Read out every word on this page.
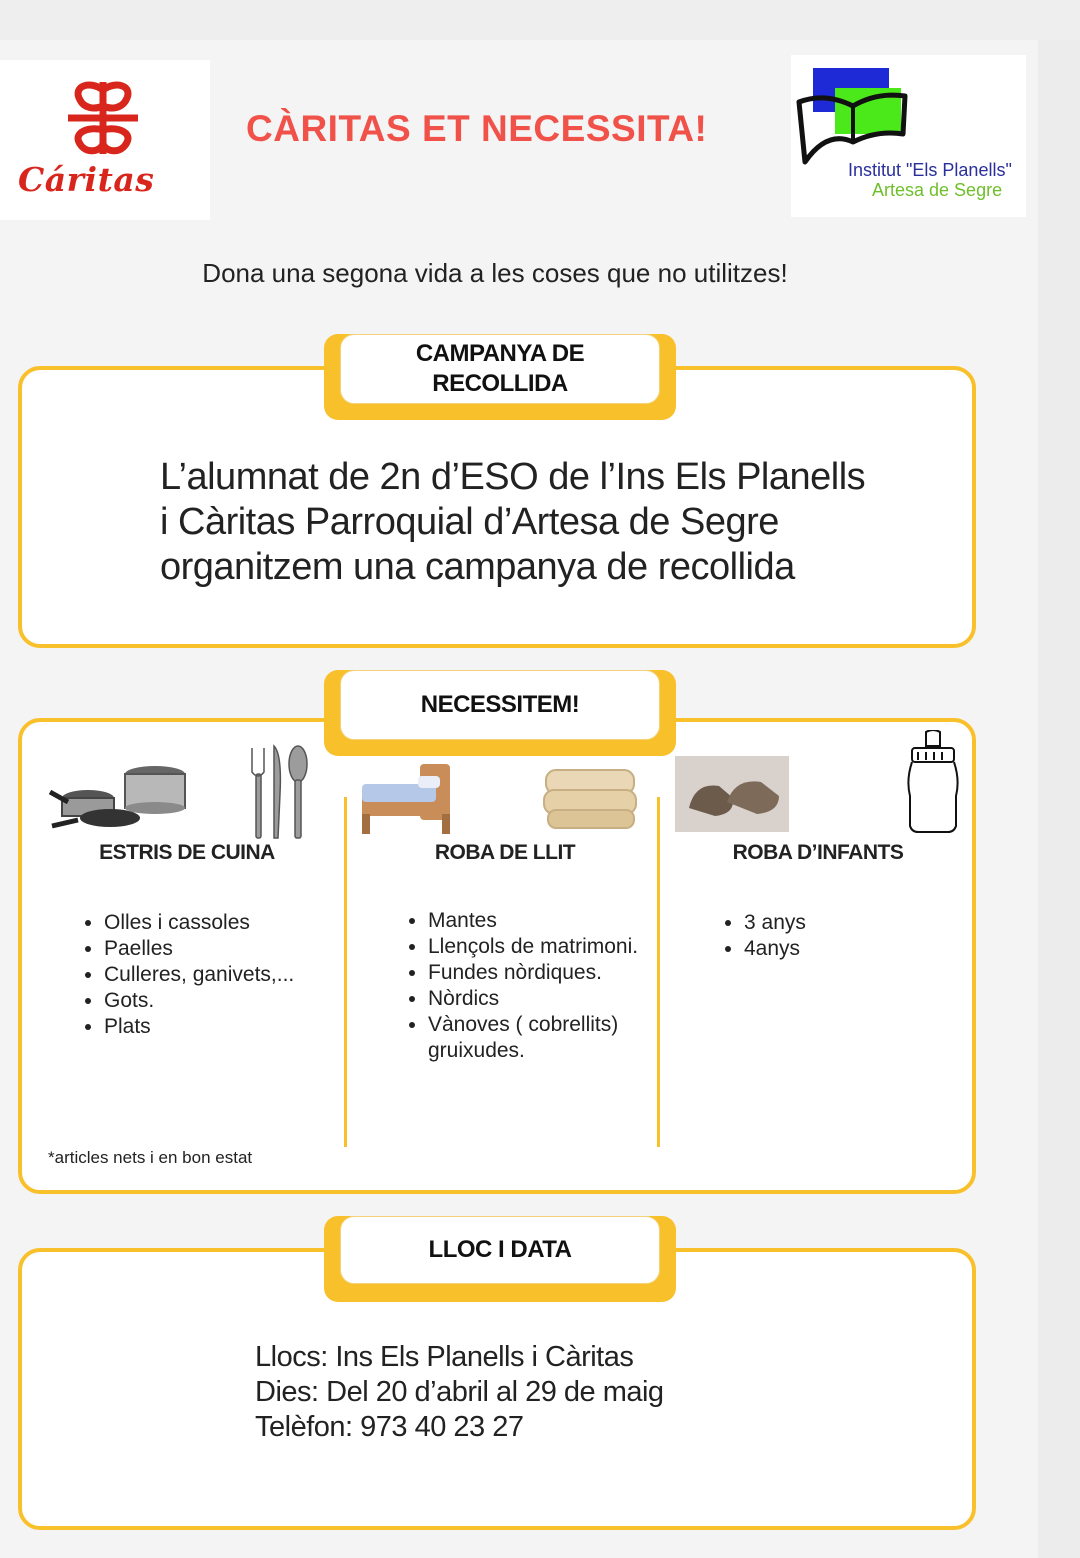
Cáritas
CÀRITAS ET NECESSITA!
Institut "Els Planells"
Artesa de Segre
Dona una segona vida a les coses que no utilitzes!
CAMPANYA DE
RECOLLIDA
L’alumnat de 2n d’ESO de l’Ins Els Planells
i Càritas Parroquial d’Artesa de Segre
organitzem una campanya de recollida
NECESSITEM!
ESTRIS DE CUINA	ROBA DE LLIT	ROBA D’INFANTS
• Olles i cassoles
• Paelles
• Culleres, ganivets,...
• Gots.
• Plats
• Mantes
• Llençols de matrimoni.
• Fundes nòrdiques.
• Nòrdics
• Vànoves ( cobrellits) gruixudes.
• 3 anys
• 4anys
*articles nets i en bon estat
LLOC I DATA
Llocs: Ins Els Planells i Càritas
Dies: Del 20 d’abril al 29 de maig
Telèfon: 973 40 23 27
